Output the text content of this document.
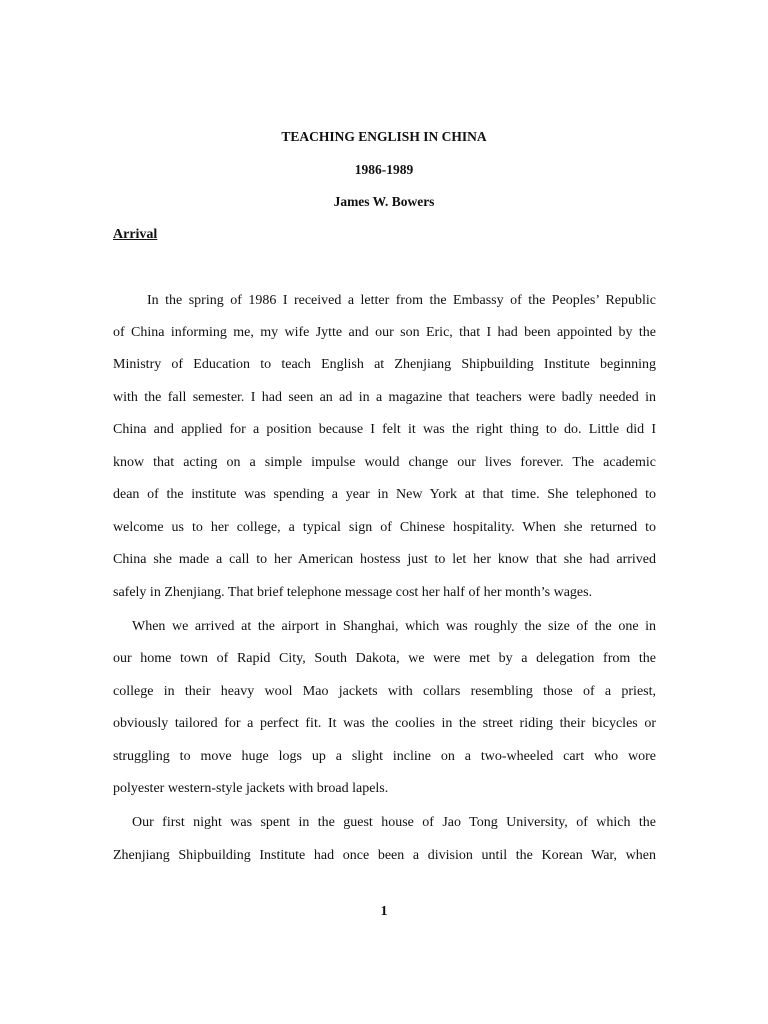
TEACHING ENGLISH IN CHINA

1986-1989

James W. Bowers

Arrival

In the spring of 1986 I received a letter from the Embassy of the Peoples’ Republic

of China informing me, my wife Jytte and our son Eric, that I had been appointed by the

Ministry of Education to teach English at Zhenjiang Shipbuilding Institute beginning

with the fall semester. I had seen an ad in a magazine that teachers were badly needed in

China and applied for a position because I felt it was the right thing to do. Little did I

know that acting on a simple impulse would change our lives forever. The academic

dean of the institute was spending a year in New York at that time. She telephoned to

welcome us to her college, a typical sign of Chinese hospitality. When she returned to

China she made a call to her American hostess just to let her know that she had arrived

safely in Zhenjiang. That brief telephone message cost her half of her month’s wages.

When we arrived at the airport in Shanghai, which was roughly the size of the one in

our home town of Rapid City, South Dakota, we were met by a delegation from the

college in their heavy wool Mao jackets with collars resembling those of a priest,

obviously tailored for a perfect fit. It was the coolies in the street riding their bicycles or

struggling to move huge logs up a slight incline on a two-wheeled cart who wore

polyester western-style jackets with broad lapels.

Our first night was spent in the guest house of Jao Tong University, of which the

Zhenjiang Shipbuilding Institute had once been a division until the Korean War, when

1
